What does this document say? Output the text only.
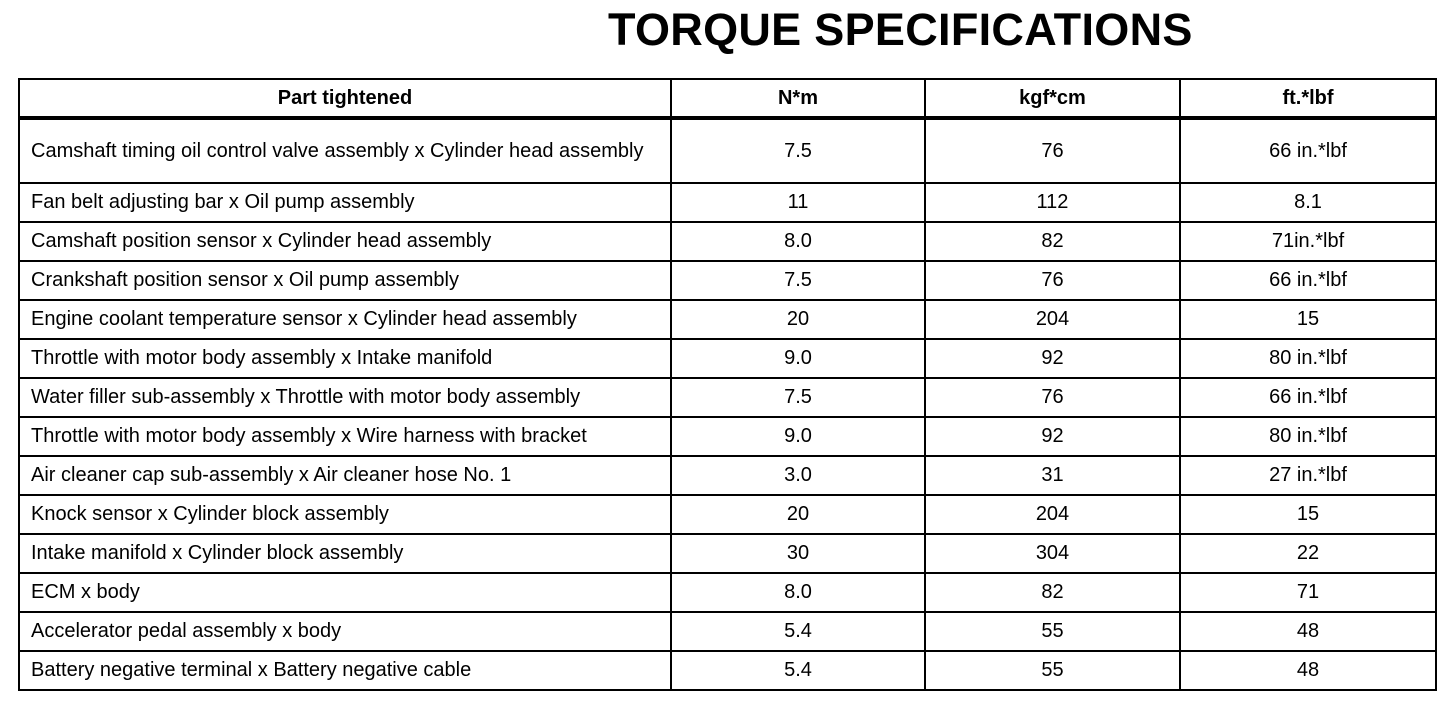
TORQUE SPECIFICATIONS
Part tightened	N*m	kgf*cm	ft.*lbf
Camshaft timing oil control valve assembly x Cylinder head assembly	7.5	76	66 in.*lbf
Fan belt adjusting bar x Oil pump assembly	11	112	8.1
Camshaft position sensor x Cylinder head assembly	8.0	82	71in.*lbf
Crankshaft position sensor x Oil pump assembly	7.5	76	66 in.*lbf
Engine coolant temperature sensor x Cylinder head assembly	20	204	15
Throttle with motor body assembly x Intake manifold	9.0	92	80 in.*lbf
Water filler sub-assembly x Throttle with motor body assembly	7.5	76	66 in.*lbf
Throttle with motor body assembly x Wire harness with bracket	9.0	92	80 in.*lbf
Air cleaner cap sub-assembly x Air cleaner hose No. 1	3.0	31	27 in.*lbf
Knock sensor x Cylinder block assembly	20	204	15
Intake manifold x Cylinder block assembly	30	304	22
ECM x body	8.0	82	71
Accelerator pedal assembly x body	5.4	55	48
Battery negative terminal x Battery negative cable	5.4	55	48
